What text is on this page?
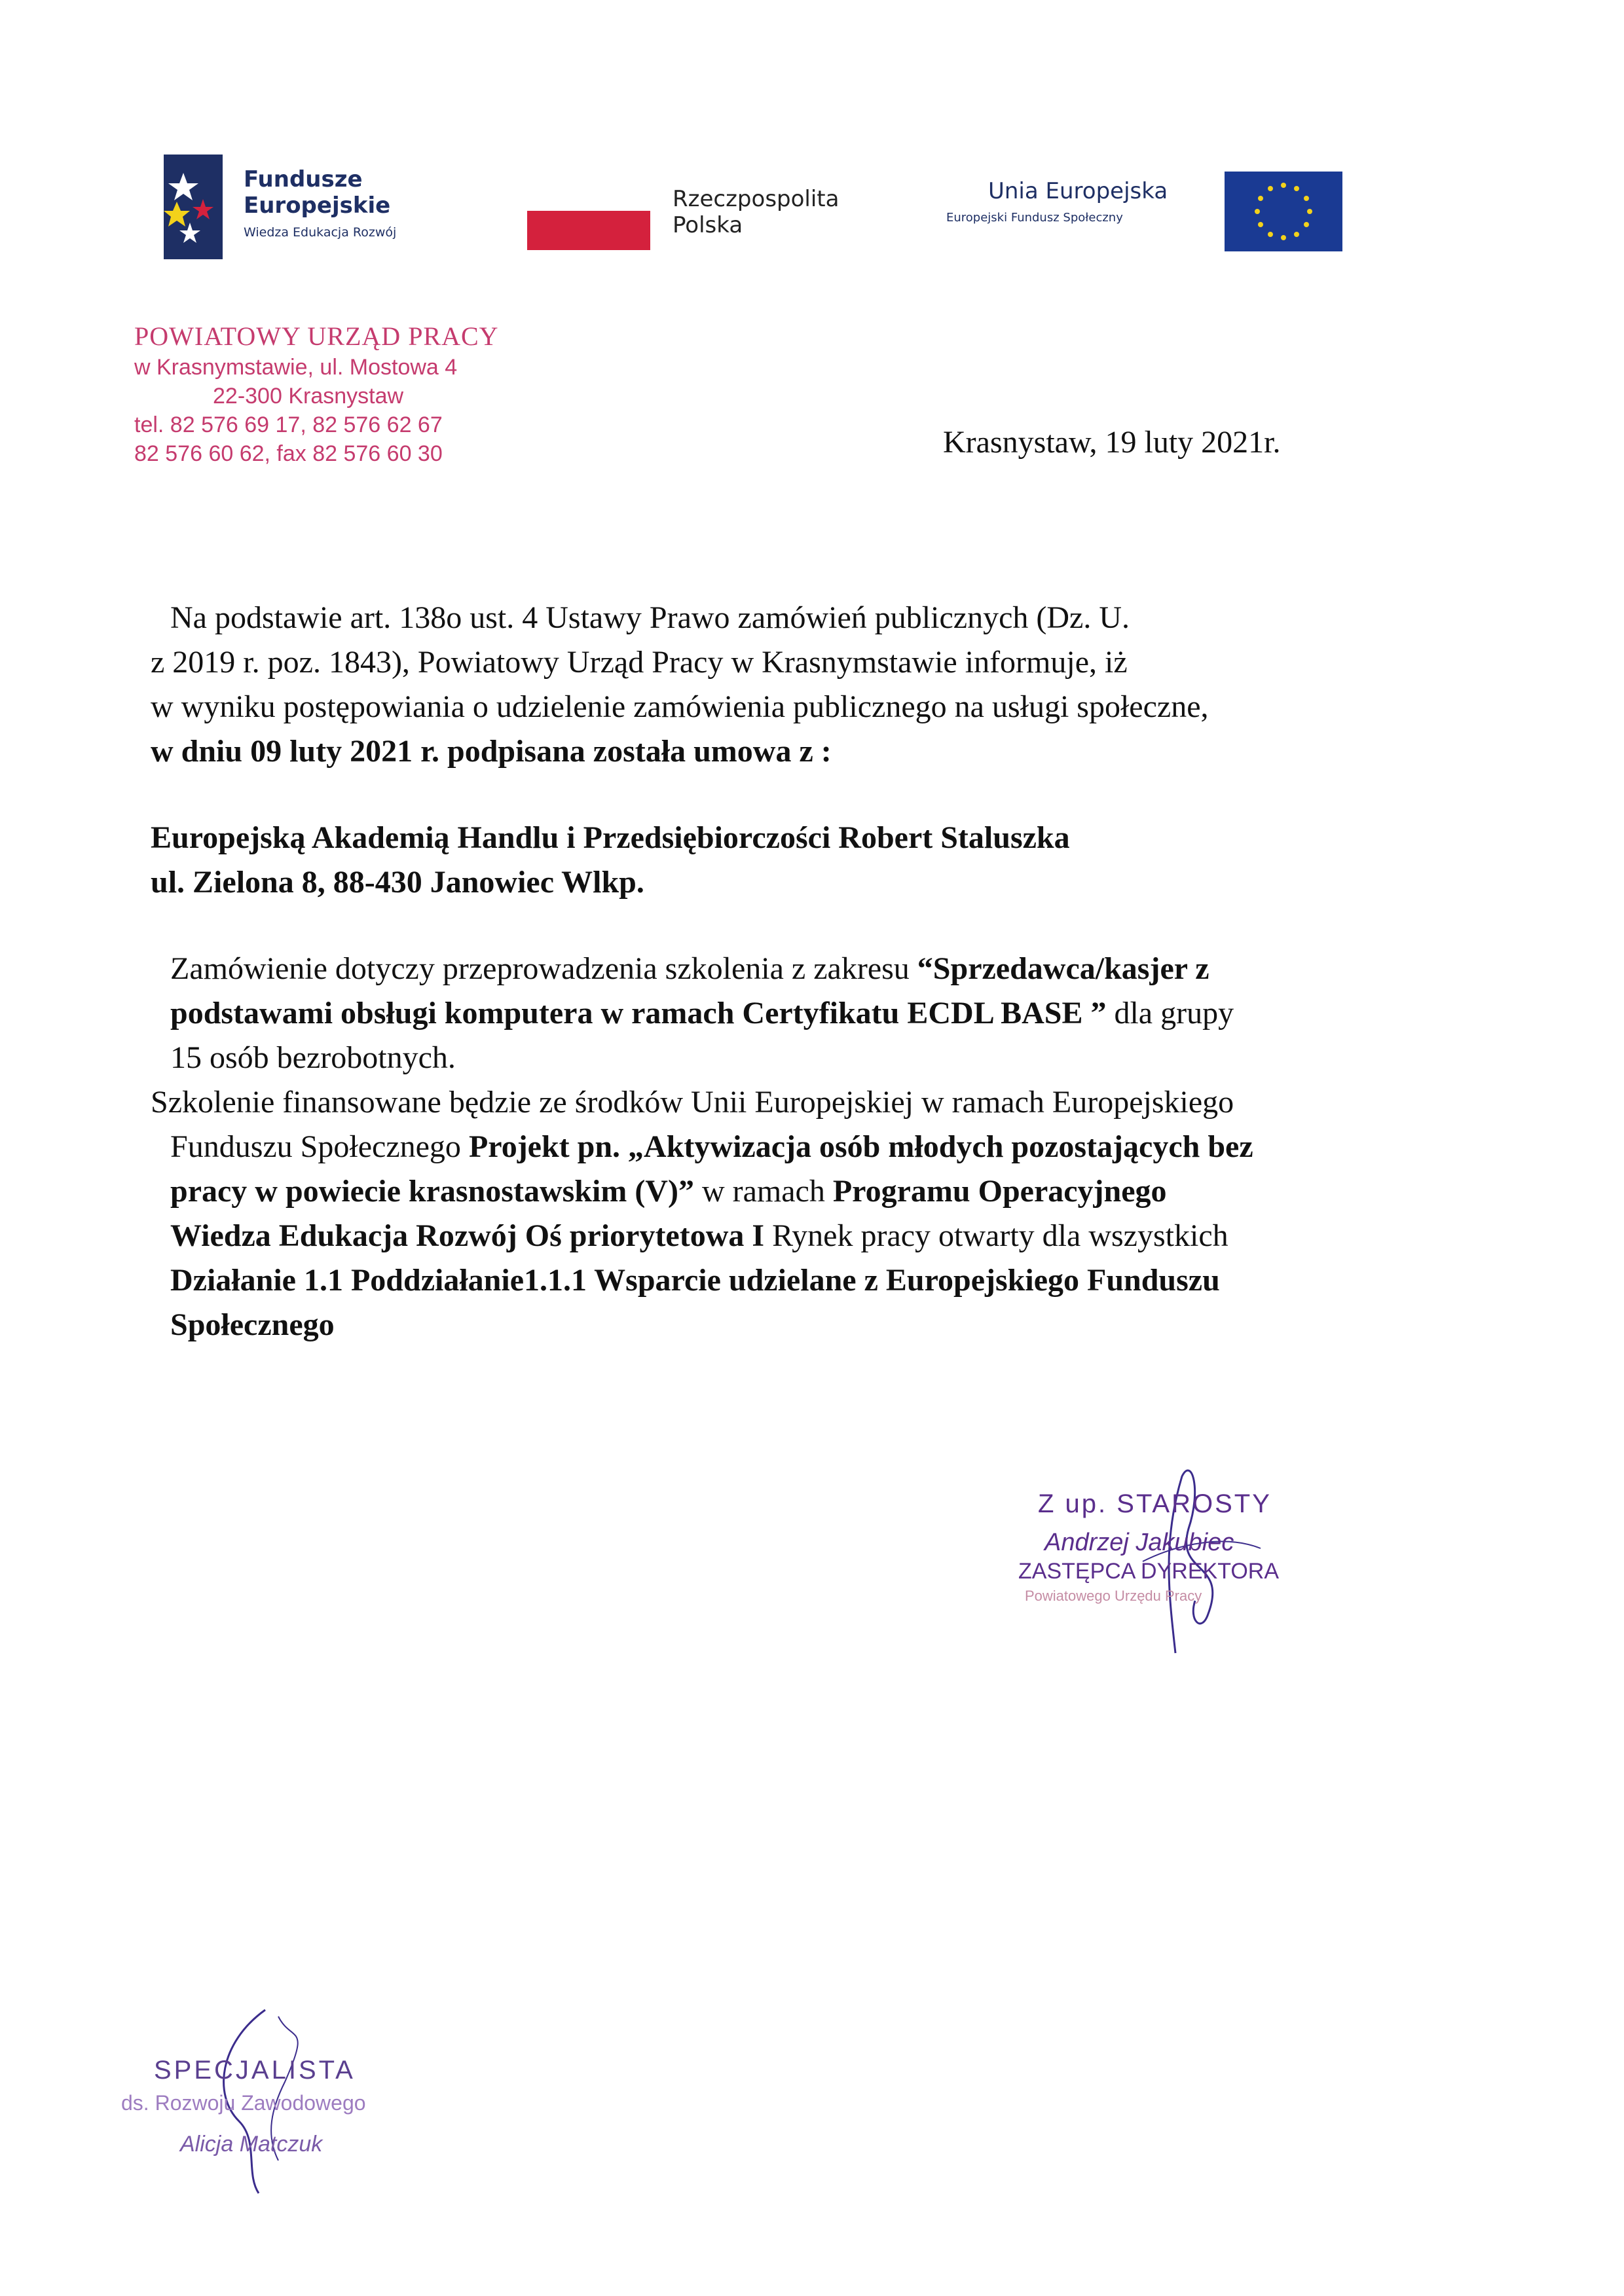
Fundusze
Europejskie
Wiedza Edukacja Rozwój
Rzeczpospolita
Polska
Unia Europejska
Europejski Fundusz Społeczny
POWIATOWY URZĄD PRACY
w Krasnymstawie, ul. Mostowa 4
22-300 Krasnystaw
tel. 82 576 69 17, 82 576 62 67
82 576 60 62, fax 82 576 60 30	Krasnystaw, 19 luty 2021r.
Na podstawie art. 138o ust. 4 Ustawy Prawo zamówień publicznych (Dz. U.
z 2019 r. poz. 1843), Powiatowy Urząd Pracy w Krasnymstawie informuje, iż
w wyniku postępowiania o udzielenie zamówienia publicznego na usługi społeczne,
w dniu 09 luty 2021 r. podpisana została umowa z :
Europejską Akademią Handlu i Przedsiębiorczości Robert Staluszka
ul. Zielona 8, 88-430 Janowiec Wlkp.
Zamówienie dotyczy przeprowadzenia szkolenia z zakresu “Sprzedawca/kasjer z
podstawami obsługi komputera w ramach Certyfikatu ECDL BASE ” dla grupy
15 osób bezrobotnych.
Szkolenie finansowane będzie ze środków Unii Europejskiej w ramach Europejskiego
Funduszu Społecznego Projekt pn. „Aktywizacja osób młodych pozostających bez
pracy w powiecie krasnostawskim (V)” w ramach Programu Operacyjnego
Wiedza Edukacja Rozwój Oś priorytetowa I Rynek pracy otwarty dla wszystkich
Działanie 1.1 Poddziałanie1.1.1 Wsparcie udzielane z Europejskiego Funduszu
Społecznego
Z up. STAROSTY
Andrzej Jakubiec
ZASTĘPCA DYREKTORA
Powiatowego Urzędu Pracy
SPECJALISTA
ds. Rozwoju Zawodowego
Alicja Matczuk
